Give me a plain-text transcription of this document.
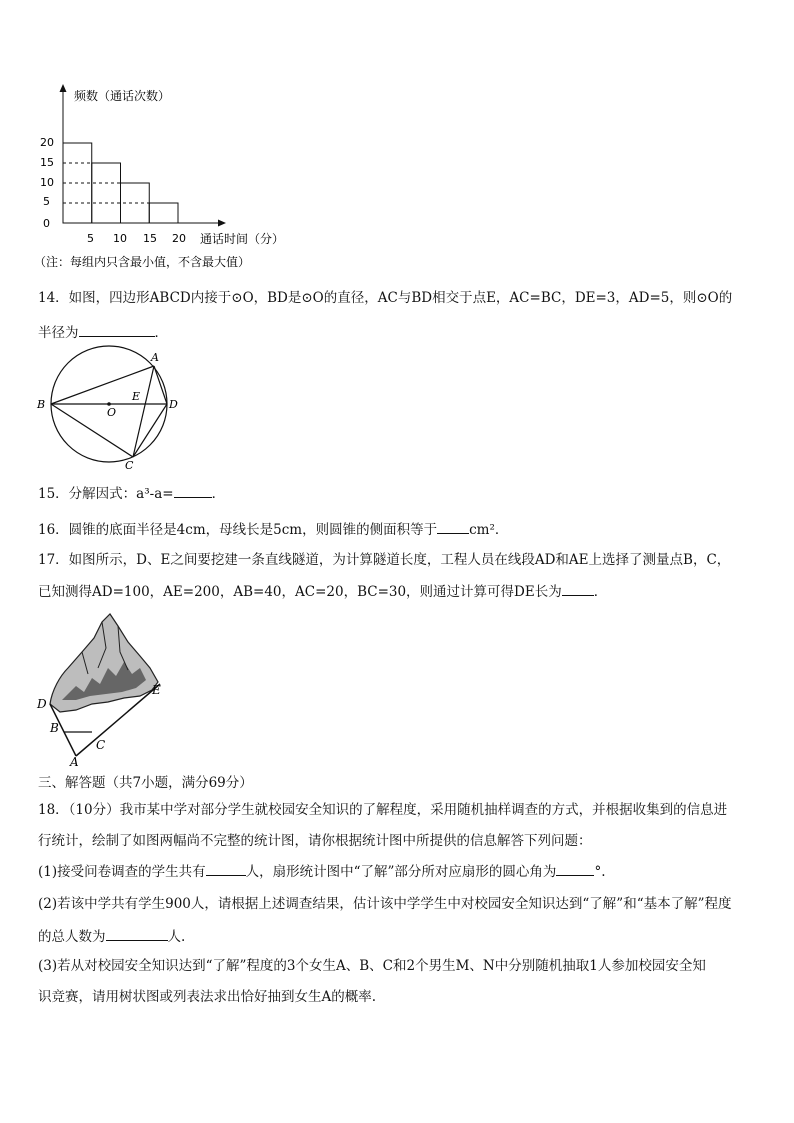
0
5
10
15
20
5 10 15 20
频数（通话次数）
通话时间（分）
（注：每组内只含最小值，不含最大值）
14．如图，四边形ABCD内接于⊙O，BD是⊙O的直径，AC与BD相交于点E，AC=BC，DE=3，AD=5，则⊙O的
半径为	．
A
B
C
D
E
O
15．分解因式：a³-a=	．
16．圆锥的底面半径是4cm，母线长是5cm，则圆锥的侧面积等于 cm²．
17．如图所示，D、E之间要挖建一条直线隧道，为计算隧道长度，工程人员在线段AD和AE上选择了测量点B，C，
已知测得AD=100，AE=200，AB=40，AC=20，BC=30，则通过计算可得DE长为 ．
D
E
B
C
A
三、解答题（共7小题，满分69分）
18．（10分）我市某中学对部分学生就校园安全知识的了解程度，采用随机抽样调查的方式，并根据收集到的信息进
行统计，绘制了如图两幅尚不完整的统计图，请你根据统计图中所提供的信息解答下列问题：
(1)接受问卷调查的学生共有	人，扇形统计图中“了解”部分所对应扇形的圆心角为	°.
(2)若该中学共有学生900人，请根据上述调查结果，估计该中学学生中对校园安全知识达到“了解”和“基本了解”程度
的总人数为	人.
(3)若从对校园安全知识达到“了解”程度的3个女生A、B、C和2个男生M、N中分别随机抽取1人参加校园安全知
识竞赛，请用树状图或列表法求出恰好抽到女生A的概率.
